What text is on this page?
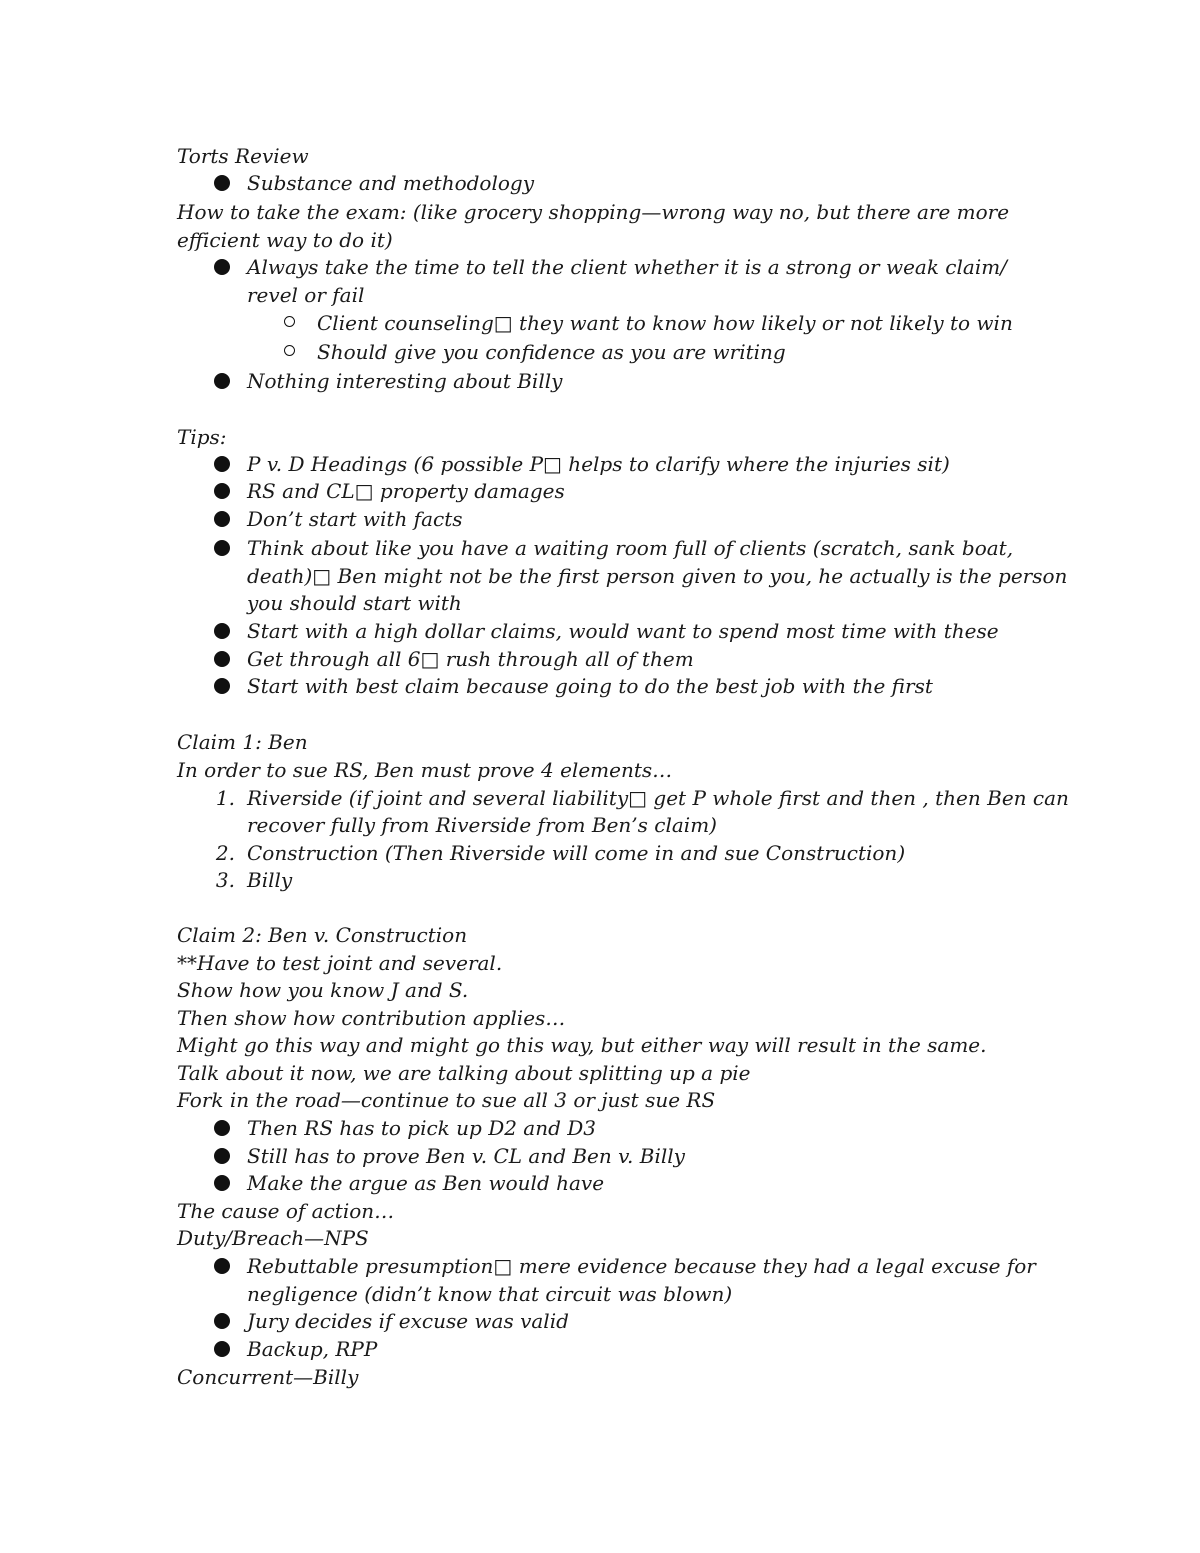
Torts Review
Substance and methodology
How to take the exam: (like grocery shopping—wrong way no, but there are more
efficient way to do it)
Always take the time to tell the client whether it is a strong or weak claim/
revel or fail
Client counseling□ they want to know how likely or not likely to win
Should give you confidence as you are writing
Nothing interesting about Billy
Tips:
P v. D Headings (6 possible P□ helps to clarify where the injuries sit)
RS and CL□ property damages
Don’t start with facts
Think about like you have a waiting room full of clients (scratch, sank boat,
death)□ Ben might not be the first person given to you, he actually is the person
you should start with
Start with a high dollar claims, would want to spend most time with these
Get through all 6□ rush through all of them
Start with best claim because going to do the best job with the first
Claim 1: Ben
In order to sue RS, Ben must prove 4 elements…
1. Riverside (if joint and several liability□ get P whole first and then , then Ben can
recover fully from Riverside from Ben’s claim)
2. Construction (Then Riverside will come in and sue Construction)
3. Billy
Claim 2: Ben v. Construction
**Have to test joint and several.
Show how you know J and S.
Then show how contribution applies…
Might go this way and might go this way, but either way will result in the same.
Talk about it now, we are talking about splitting up a pie
Fork in the road—continue to sue all 3 or just sue RS
Then RS has to pick up D2 and D3
Still has to prove Ben v. CL and Ben v. Billy
Make the argue as Ben would have
The cause of action…
Duty/Breach—NPS
Rebuttable presumption□ mere evidence because they had a legal excuse for
negligence (didn’t know that circuit was blown)
Jury decides if excuse was valid
Backup, RPP
Concurrent—Billy
